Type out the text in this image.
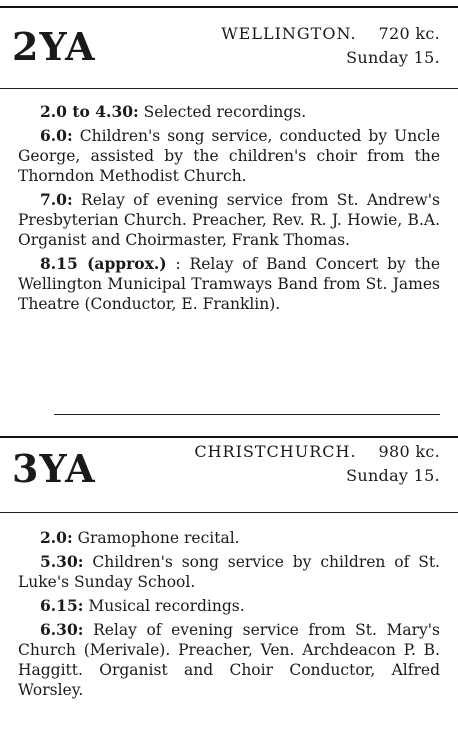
2YA	WELLINGTON. 720 kc.
Sunday 15.

2.0 to 4.30: Selected recordings.

6.0: Children's song service, conducted by Uncle George, assisted by the children's choir from the Thorndon Methodist Church.

7.0: Relay of evening service from St. Andrew's Presbyterian Church. Preacher, Rev. R. J. Howie, B.A. Organist and Choirmaster, Frank Thomas.

8.15 (approx.) : Relay of Band Concert by the Wellington Municipal Tramways Band from St. James Theatre (Conductor, E. Franklin).

3YA	CHRISTCHURCH. 980 kc.
Sunday 15.

2.0: Gramophone recital.

5.30: Children's song service by children of St. Luke's Sunday School.

6.15: Musical recordings.

6.30: Relay of evening service from St. Mary's Church (Merivale). Preacher, Ven. Archdeacon P. B. Haggitt. Organist and Choir Conductor, Alfred Worsley.
